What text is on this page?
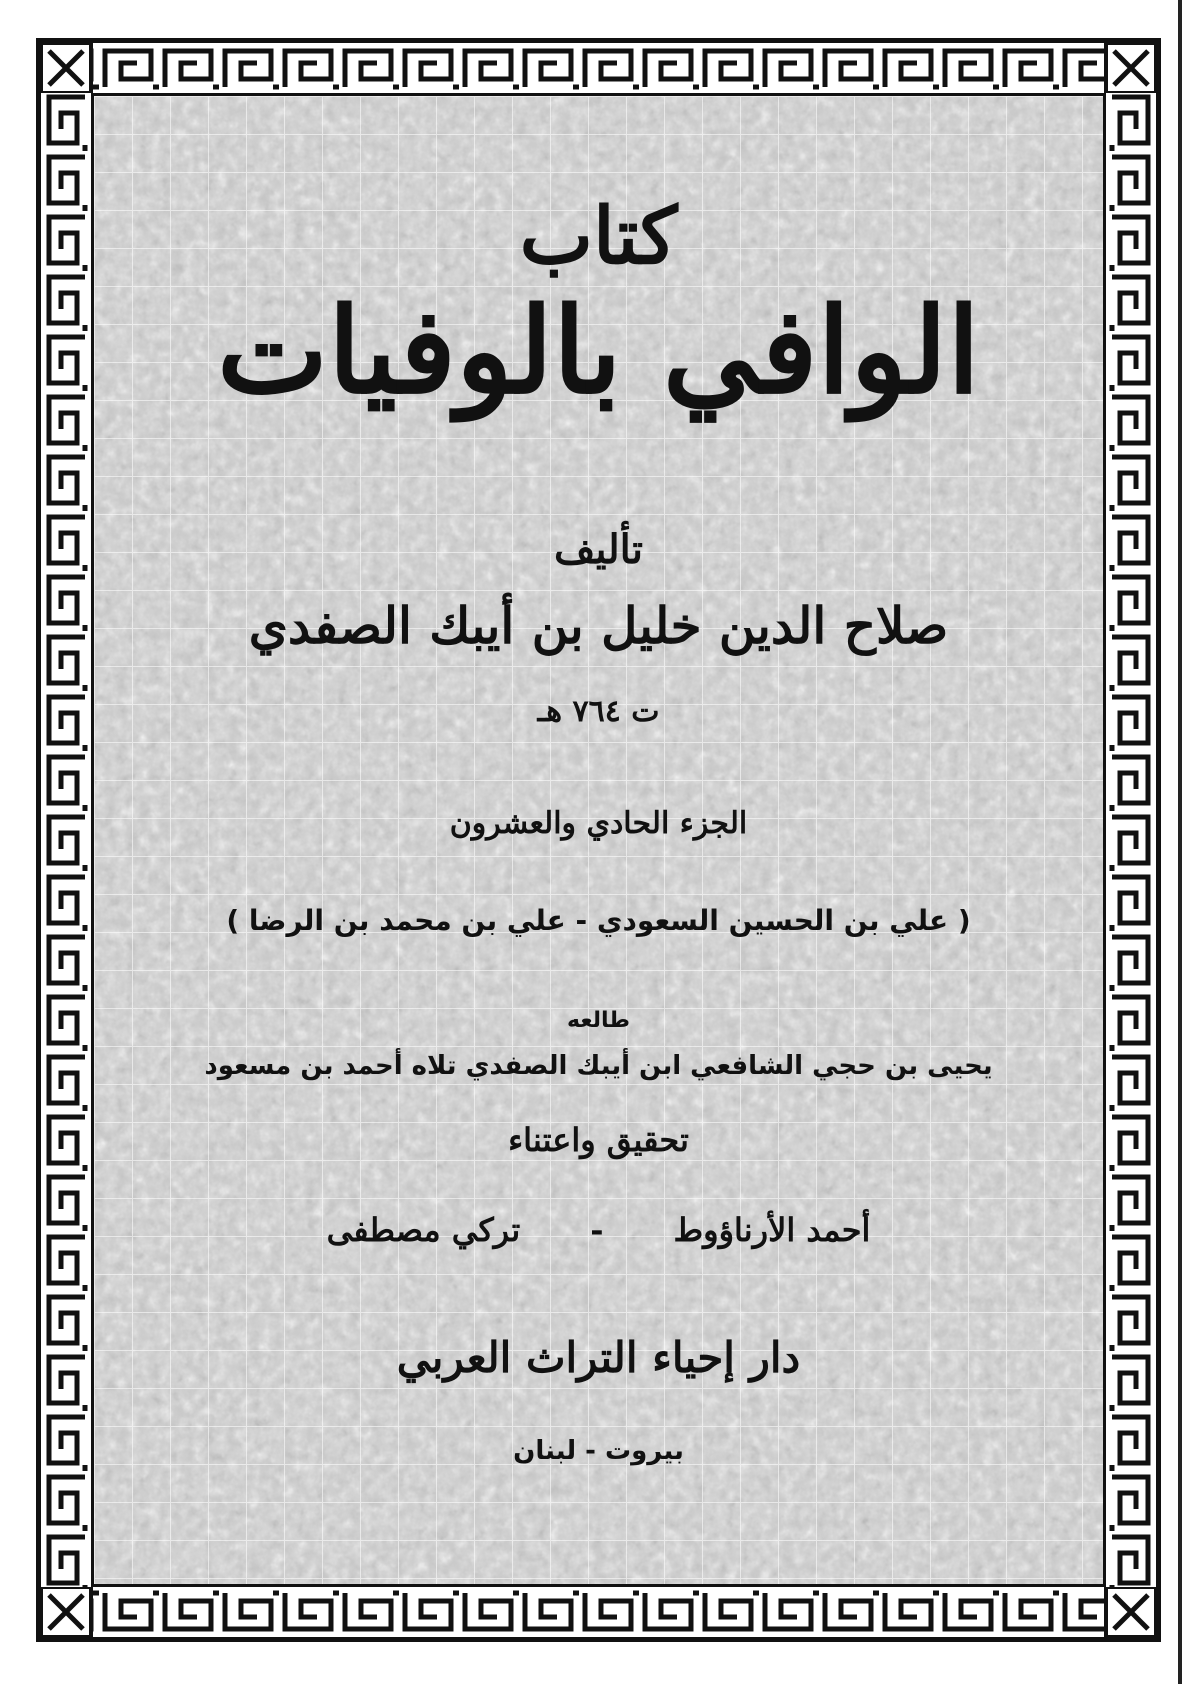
كتاب
الوافي بالوفيات
تأليف
صلاح الدين خليل بن أيبك الصفدي
ت ٧٦٤ هـ
الجزء الحادي والعشرون
( علي بن الحسين السعودي - علي بن محمد بن الرضا )
طالعه
يحيى بن حجي الشافعي ابن أيبك الصفدي تلاه أحمد بن مسعود
تحقيق واعتناء
أحمد الأرناؤوط
-
تركي مصطفى
دار إحياء التراث العربي
بيروت - لبنان
